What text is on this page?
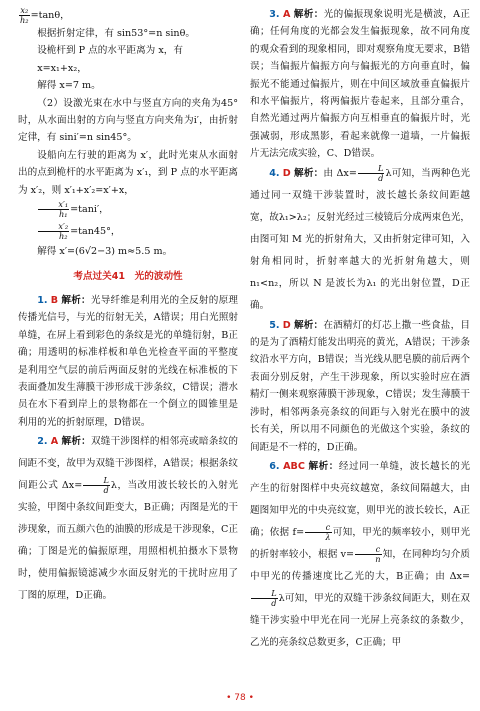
$\frac{\text{x₂}}{\text{h₂}} =\tan\theta$，

根据折射定律，有 sin53°=n sinθ。

设桅杆到 P 点的水平距离为 x，有

x=x₁+x₂，

解得 x=7 m。

（2）设激光束在水中与竖直方向的夹角为45°时，从水面出射的方向与竖直方向夹角为i′，由折射定律，有 sini′=n sin45°。

设船向左行驶的距离为 x′，此时光束从水面射出的点到桅杆的水平距离为 x′₁，到 P 点的水平距离为 x′₂，则 x′₁+x′₂=x′+x，

$\frac{\text{x′₁}}{\text{h₁}} =\tan i'$，

$\frac{\text{x′₂}}{\text{h₂}} =\tan 45^\circ$，

解得 x′=(6√2−3) m≈5.5 m。

考点过关41　光的波动性

1. B 解析：光导纤维是利用光的全反射的原理传播光信号，与光的衍射无关，A错误；用白光照射单缝，在屏上看到彩色的条纹是光的单缝衍射，B正确；用透明的标准样板和单色光检查平面的平整度是利用空气层的前后两面反射的光线在标准板的下表面叠加发生薄膜干涉形成干涉条纹，C错误；潜水员在水下看到岸上的景物都在一个倒立的圆锥里是利用的光的折射原理，D错误。

2. A 解析：双缝干涉图样的相邻亮或暗条纹的间距不变，故甲为双缝干涉图样，A错误；根据条纹间距公式 $\Delta x= \frac{L}{d}$ λ，当改用波长较长的入射光实验，甲图中条纹间距变大，B正确；丙图是光的干涉现象，而五颜六色的油膜的形成是干涉现象，C正确；丁图是光的偏振原理，用照相机拍摄水下景物时，使用偏振镜滤减少水面反射光的干扰时应用了丁图的原理，D正确。

3. A 解析：光的偏振现象说明光是横波，A正确；任何角度的光都会发生偏振现象，故不同角度的观众看到的现象相同，即对观察角度无要求，B错误；当偏振片偏振方向与偏振光的方向垂直时，偏振光不能通过偏振片，则在中间区域放垂直偏振片和水平偏振片，将两偏振片卷起来，且部分重合，自然光通过两片偏振方向互相垂直的偏振片时，光强减弱，形成黑影，看起来就像一道墙，一片偏振片无法完成实验，C、D错误。

4. D 解析：由 $\Delta x= \frac{L}{d}$ λ可知，当两种色光通过同一双缝干涉装置时，波长越长条纹间距越宽，故λ₁>λ₂；反射光经过三棱镜后分成两束色光，由图可知 M 光的折射角大，又由折射定律可知，入射角相同时，折射率越大的光折射角越大，则 n₁<n₂，所以 N 是波长为λ₁ 的光出射位置，D正确。

5. D 解析：在酒精灯的灯芯上撒一些食盐，目的是为了酒精灯能发出明亮的黄光，A错误；干涉条纹沿水平方向，B错误；当光线从肥皂膜的前后两个表面分别反射，产生干涉现象，所以实验时应在酒精灯一侧来观察薄膜干涉现象，C错误；发生薄膜干涉时，相邻两条亮条纹的间距与入射光在膜中的波长有关，所以用不同颜色的光做这个实验，条纹的间距是不一样的，D正确。

6. ABC 解析：经过同一单缝，波长越长的光产生的衍射图样中央亮纹越宽，条纹间隔越大，由题图知甲光的中央亮纹宽，则甲光的波长较长，A正确；依据 $f= \frac{c}{\lambda}$ 可知，甲光的频率较小，则甲光的折射率较小，根据 $v= \frac{c}{n}$ 知，在同种均匀介质中甲光的传播速度比乙光的大，B正确；由 Δx=
$\frac{L}{d}$ λ可知，甲光的双缝干涉条纹间距大，则在双缝干涉实验中甲光在同一光屏上亮条纹的条数少，乙光的亮条纹总数更多，C正确；甲

• 78 •
